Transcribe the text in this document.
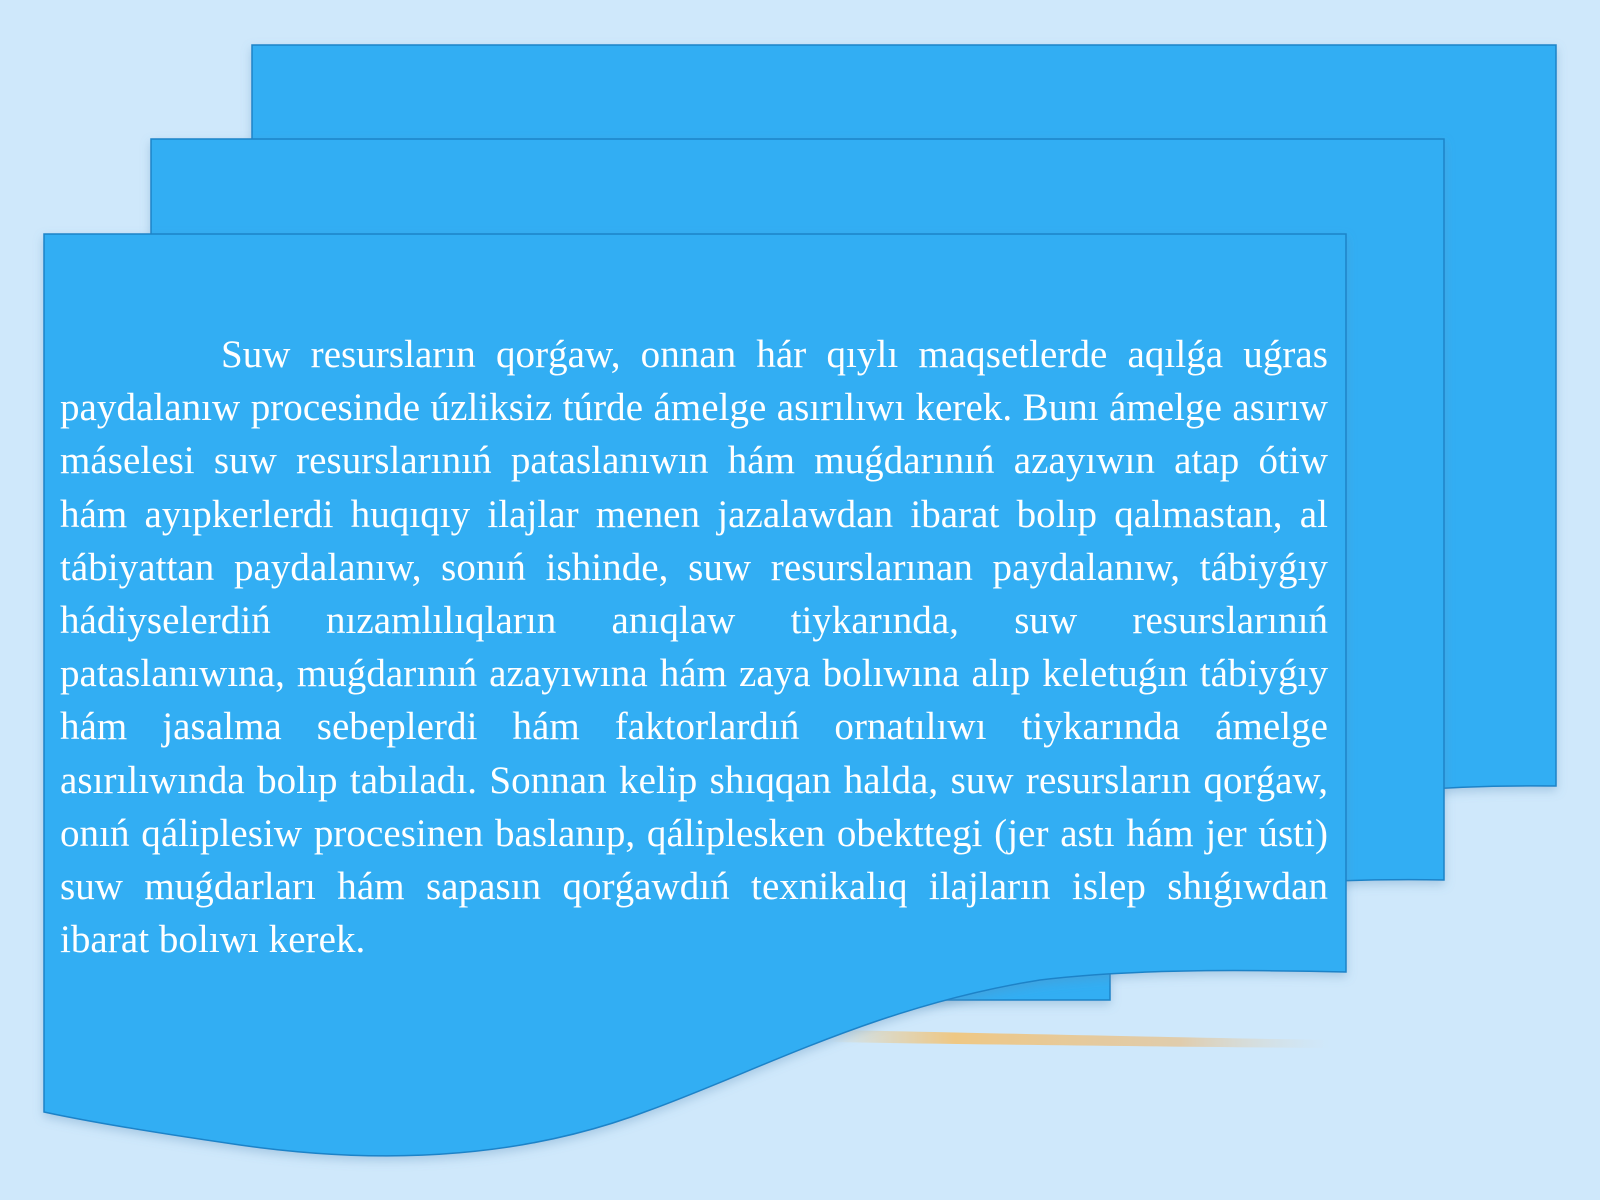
Suw resursların qorǵaw, onnan hár qıylı maqsetlerde aqılǵa uǵras paydalanıw procesinde úzliksiz túrde ámelge asırılıwı kerek. Bunı ámelge asırıw máselesi suw resurslarınıń pataslanıwın hám muǵdarınıń azayıwın atap ótiw hám ayıpkerlerdi huqıqıy ilajlar menen jazalawdan ibarat bolıp qalmastan, al tábiyattan paydalanıw, sonıń ishinde, suw resurslarınan paydalanıw, tábiyǵıy hádiyselerdiń nızamlılıqların anıqlaw tiykarında, suw resurslarınıń pataslanıwına, muǵdarınıń azayıwına hám zaya bolıwına alıp keletuǵın tábiyǵıy hám jasalma sebeplerdi hám faktorlardıń ornatılıwı tiykarında ámelge asırılıwında bolıp tabıladı. Sonnan kelip shıqqan halda, suw resursların qorǵaw, onıń qáliplesiw procesinen baslanıp, qáliplesken obekttegi (jer astı hám jer ústi) suw muǵdarları hám sapasın qorǵawdıń texnikalıq ilajların islep shıǵıwdan ibarat bolıwı kerek.
